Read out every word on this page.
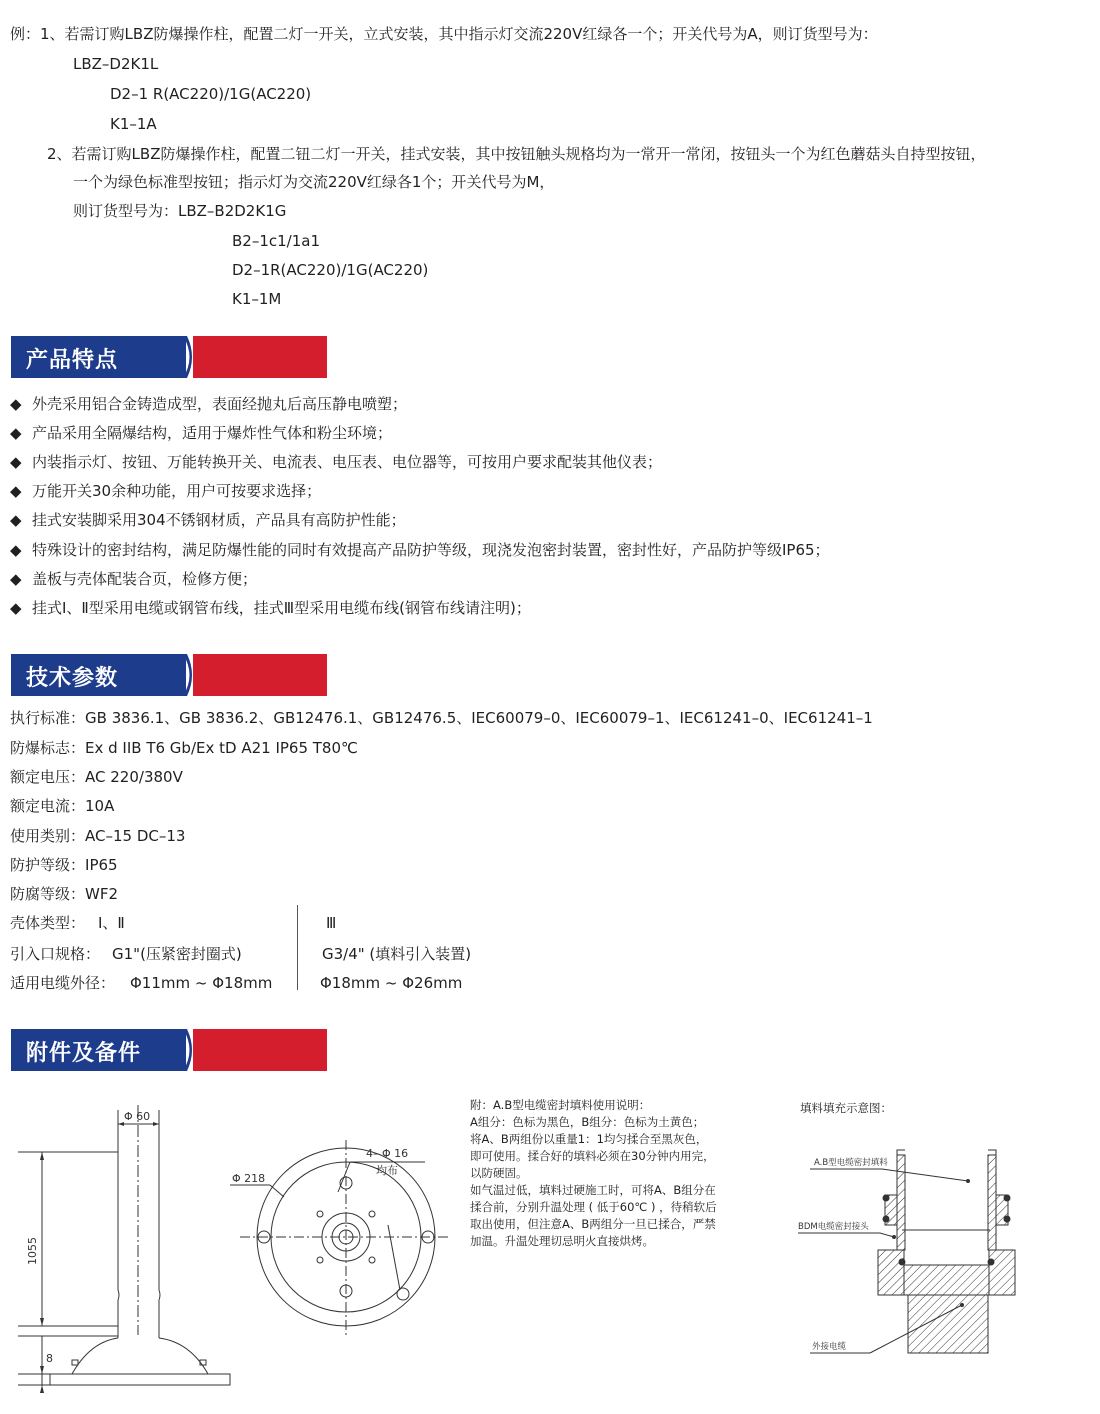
例：1、若需订购LBZ防爆操作柱，配置二灯一开关，立式安装，其中指示灯交流220V红绿各一个；开关代号为A，则订货型号为：
LBZ–D2K1L
D2–1 R(AC220)/1G(AC220)
K1–1A
2、若需订购LBZ防爆操作柱，配置二钮二灯一开关，挂式安装，其中按钮触头规格均为一常开一常闭，按钮头一个为红色蘑菇头自持型按钮，
一个为绿色标准型按钮；指示灯为交流220V红绿各1个；开关代号为M，
则订货型号为：LBZ–B2D2K1G
B2–1c1/1a1
D2–1R(AC220)/1G(AC220)
K1–1M
产品特点
◆ 外壳采用铝合金铸造成型，表面经抛丸后高压静电喷塑；
◆ 产品采用全隔爆结构，适用于爆炸性气体和粉尘环境；
◆ 内装指示灯、按钮、万能转换开关、电流表、电压表、电位器等，可按用户要求配装其他仪表；
◆ 万能开关30余种功能，用户可按要求选择；
◆ 挂式安装脚采用304不锈钢材质，产品具有高防护性能；
◆ 特殊设计的密封结构，满足防爆性能的同时有效提高产品防护等级，现浇发泡密封装置，密封性好，产品防护等级IP65；
◆ 盖板与壳体配装合页，检修方便；
◆ 挂式Ⅰ、Ⅱ型采用电缆或钢管布线，挂式Ⅲ型采用电缆布线(钢管布线请注明)；
技术参数
执行标准：GB 3836.1、GB 3836.2、GB12476.1、GB12476.5、IEC60079–0、IEC60079–1、IEC61241–0、IEC61241–1
防爆标志：Ex d IIB T6 Gb/Ex tD A21 IP65 T80℃
额定电压：AC 220/380V
额定电流：10A
使用类别：AC–15 DC–13
防护等级：IP65
防腐等级：WF2
壳体类型： Ⅰ、Ⅱ	Ⅲ
引入口规格： G1"(压紧密封圈式)	G3/4" (填料引入装置)
适用电缆外径： Φ11mm ~ Φ18mm	Φ18mm ~ Φ26mm
附件及备件
Φ 60
1055
8
Φ 218
4– Φ 16
均布
附：A.B型电缆密封填料使用说明：
A组分：色标为黑色，B组分：色标为土黄色；
将A、B两组份以重量1：1均匀揉合至黑灰色，
即可使用。揉合好的填料必须在30分钟内用完，
以防硬固。
如气温过低，填料过硬施工时，可将A、B组分在
揉合前，分别升温处理 ( 低于60℃ ) ，待稍软后
取出使用，但注意A、B两组分一旦已揉合，严禁
加温。升温处理切忌明火直接烘烤。
填料填充示意图：
A.B型电缆密封填料
BDM电缆密封接头
外接电缆
